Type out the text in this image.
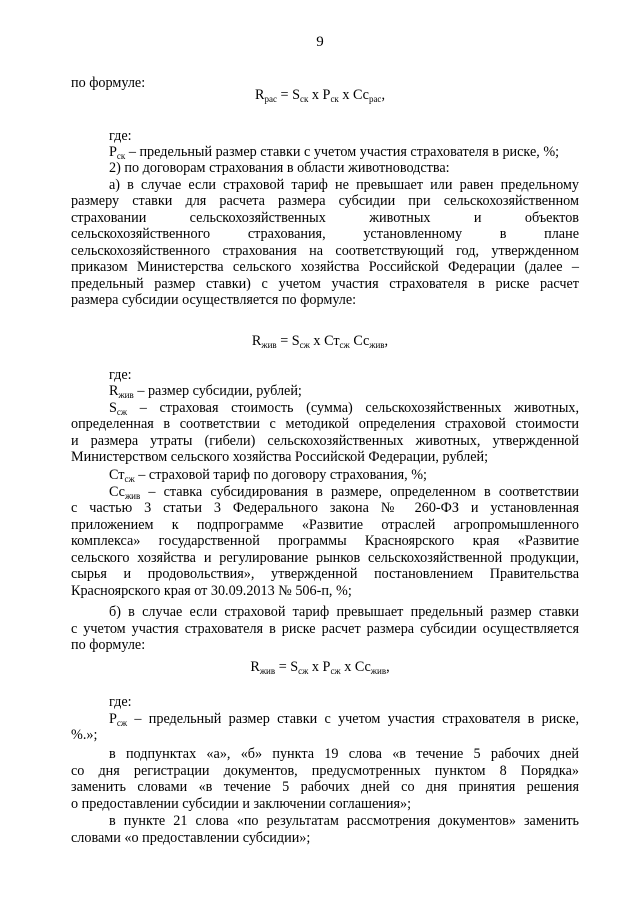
9
$R_{рас} = S_{ск}$ х $Р_{ск}$ х $Сс_{рас}$,
по формуле:
где:
$Р_{ск}$ – предельный размер ставки с учетом участия страхователя в риске, %;
2) по договорам страхования в области животноводства:
а) в случае если страховой тариф не превышает или равен предельному
размеру ставки для расчета размера субсидии при сельскохозяйственном
страховании сельскохозяйственных животных и объектов
сельскохозяйственного страхования, установленному в плане
сельскохозяйственного страхования на соответствующий год, утвержденном
приказом Министерства сельского хозяйства Российской Федерации (далее –
предельный размер ставки) с учетом участия страхователя в риске расчет
размера субсидии осуществляется по формуле:
$R_{жив} = S_{сж}$ х $Ст_{сж}$ $Сс_{жив}$,
где:
$R_{жив}$ – размер субсидии, рублей;
$S_{сж}$ – страховая стоимость (сумма) сельскохозяйственных животных,
определенная в соответствии с методикой определения страховой стоимости
и размера утраты (гибели) сельскохозяйственных животных, утвержденной
Министерством сельского хозяйства Российской Федерации, рублей;
$Ст_{сж}$ – страховой тариф по договору страхования, %;
$Сс_{жив}$ – ставка субсидирования в размере, определенном в соответствии
с частью 3 статьи 3 Федерального закона № 260-ФЗ и установленная
приложением к подпрограмме «Развитие отраслей агропромышленного
комплекса» государственной программы Красноярского края «Развитие
сельского хозяйства и регулирование рынков сельскохозяйственной продукции,
сырья и продовольствия», утвержденной постановлением Правительства
Красноярского края от 30.09.2013 № 506-п, %;
б) в случае если страховой тариф превышает предельный размер ставки
с учетом участия страхователя в риске расчет размера субсидии осуществляется
по формуле:
$R_{жив} = S_{сж}$ х $Р_{сж}$ х $Сс_{жив}$,
где:
$Р_{сж}$ – предельный размер ставки с учетом участия страхователя в риске,
%.»;
в подпунктах «а», «б» пункта 19 слова «в течение 5 рабочих дней
со дня регистрации документов, предусмотренных пунктом 8 Порядка»
заменить словами «в течение 5 рабочих дней со дня принятия решения
о предоставлении субсидии и заключении соглашения»;
в пункте 21 слова «по результатам рассмотрения документов» заменить
словами «о предоставлении субсидии»;
